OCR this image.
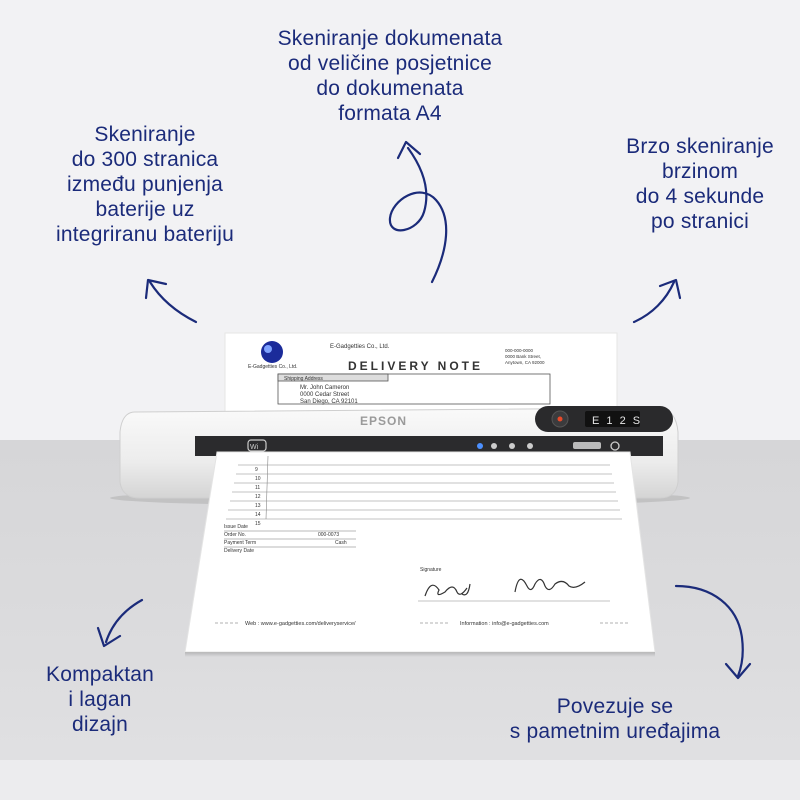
E-Gadgetties Co., Ltd.
E-Gadgetties Co., Ltd.
DELIVERY NOTE
000-000-0000
0000 Bank Street,
Anytown, CA 92000
Shipping Address
Mr. John Cameron
0000 Cedar Street
San Diego, CA 92101
EPSON	E 1 2 S
Wi
9
10
11
12
13
14
15
Issue Date
Order No.	000-0073
Payment Term	Cash
Delivery Date
Signature
Web : www.e-gadgetties.com/deliveryservice/	Information : info@e-gadgetties.com
Skeniranje dokumenata
od veličine posjetnice
do dokumenata
formata A4
Skeniranje
do 300 stranica
između punjenja
baterije uz
integriranu bateriju
Brzo skeniranje
brzinom
do 4 sekunde
po stranici
Kompaktan
i lagan
dizajn
Povezuje se
s pametnim uređajima
